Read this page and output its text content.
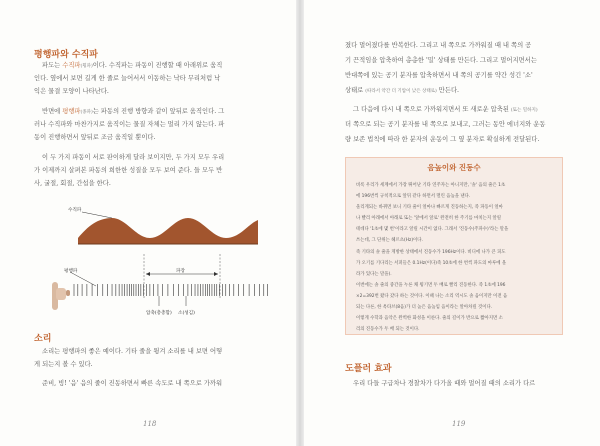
평행파와 수직파
파도는 수직파(횡파)이다. 수직파는 파동이 진행할 때 아래위로 움직
인다. 옆에서 보면 길게 한 줄로 늘어서서 이동하는 낙타 무리처럼 낙
익은 물결 모양이 나타난다.
반면에 평행파(종파)는 파동의 진행 방향과 같이 앞뒤로 움직인다. 그
러나 수직파와 마찬가지로 움직이는 물질 자체는 멀리 가지 않는다. 파
동이 진행하면서 앞뒤로 조금 움직일 뿐이다.
이 두 가지 파동이 서로 판이하게 달라 보이지만, 두 가지 모두 우리
가 이제까지 살펴본 파동의 희한한 성질을 모두 보여 준다. 들 모두 반
사, 굴절, 회절, 간섭을 한다.
수직파
파장
평행파
압축(총총함) 소(성김)
소리
소리는 평행파의 좋은 예이다. 기타 줄을 튕겨 소리를 내 보면 어떻
게 되는지 볼 수 있다.
준비, 빙! '음' 음의 줄이 진동하면서 빠른 속도로 내 쪽으로 가까워
118
졌다 멀어졌다를 반복한다. 그리고 내 쪽으로 가까워질 때 내 쪽의 공
기 끈적임을 압축하여 총총한 '밀' 상태를 만든다. 그리고 멀어지면서는
반대쪽에 있는 공기 분자를 압축하면서 내 쪽의 공기를 약간 성긴 '소'
상태로 (따라서 약간 더 기압이 낮은 상태로) 만든다.
그 다음에 다시 내 쪽으로 가까워지면서 또 새로운 압축된 (또는 밀하지)
더 쪽으로 되는 공기 분자를 내 쪽으로 보내고, 그러는 동안 에너지와 운동
량 보존 법칙에 따라 한 분자의 운동이 그 옆 분자로 확실하게 전달된다.
음높이와 진동수
비록 우리가 세계에서 가장 뛰어난 기타 연주자는 아니지만, '솔' 음의 줄은 1초
에 196번씩 규칙적으로 앞뒤 같다 하면서 떨린 음높을 낸다.
울리게되는 바뀌면 보니 기타 줄이 얼마나 빠르게 진동하는지, 즉 파동이 얼마
나 빨리 아래에서 아래로 또는 '앞에서 앞로' 완전히 한 주기를 마치는지 알릴
테데다 '1초에 몇 번'이라고 알릴 시간이 없다. 그래서 '진동수(주파수)'라는 말을
쓰는데, 그 단위는 헤르츠(Hz)이다.
즉 기타의 솔 줄을 게방한 상태에서 진동수가 196Hz이다. 비디에 나가 큰 피도
가 오기를 기다리는 서퍼들은 0.1Hz(이다)즉 10초에 한 번씩 파도의 마루에 올
라가 있다는 말을).
이번에는 솔 줄의 중간을 누른 채 튕기면 두 배로 빨리 진동한다. 즉 1초에 196
×2=392번 왔다 갔다 하는 것이다. 이때 나는 소리 역시도 솔 음이지만 이전 음
되는 다른, 한 옥타브(8음)가 더 높은 음높임 음이라는 알아차릴 것이다.
이렇게 수학과 음악은 완벽한 화성을 이룬다. 줄의 길이가 반으로 짧아지면 소
리의 진동수가 두 배 되는 것이다.
도플러 효과
우리 다들 구급차나 경찰차가 다가올 때와 멀어질 때의 소리가 다르
119
